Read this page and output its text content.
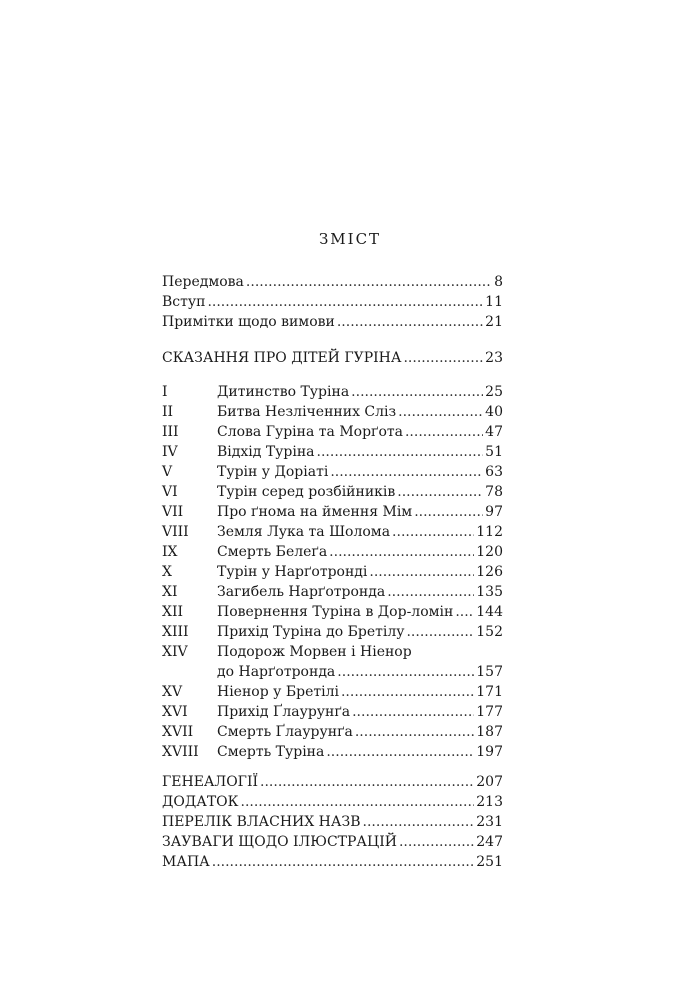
ЗМІСТ
Передмова .....	8
Вступ .....	11
Примітки щодо вимови .....	21
СКАЗАННЯ ПРО ДІТЕЙ ГУРІНА .....	23
I	Дитинство Туріна .....	25
II	Битва Незліченних Сліз .....	40
III	Слова Гуріна та Морґота .....	47
IV	Відхід Туріна .....	51
V	Турін у Доріаті .....	63
VI	Турін серед розбійників .....	78
VII	Про ґнома на ймення Мім .....	97
VIII	Земля Лука та Шолома .....	112
IX	Смерть Белеґа .....	120
X	Турін у Нарґотронді .....	126
XI	Загибель Нарґотронда .....	135
XII	Повернення Туріна в Дор-ломін ..... 144
XIII	Прихід Туріна до Бретілу .....	152
XIV	Подорож Морвен і Ніенор
до Нарґотронда .....	157
XV	Ніенор у Бретілі .....	171
XVI	Прихід Ґлаурунґа .....	177
XVII	Смерть Ґлаурунґа .....	187
XVIII	Смерть Туріна .....	197
ГЕНЕАЛОГІЇ .....	207
ДОДАТОК .....	213
ПЕРЕЛІК ВЛАСНИХ НАЗВ .....	231
ЗАУВАГИ ЩОДО ІЛЮСТРАЦІЙ .....	247
МАПА .....	251
